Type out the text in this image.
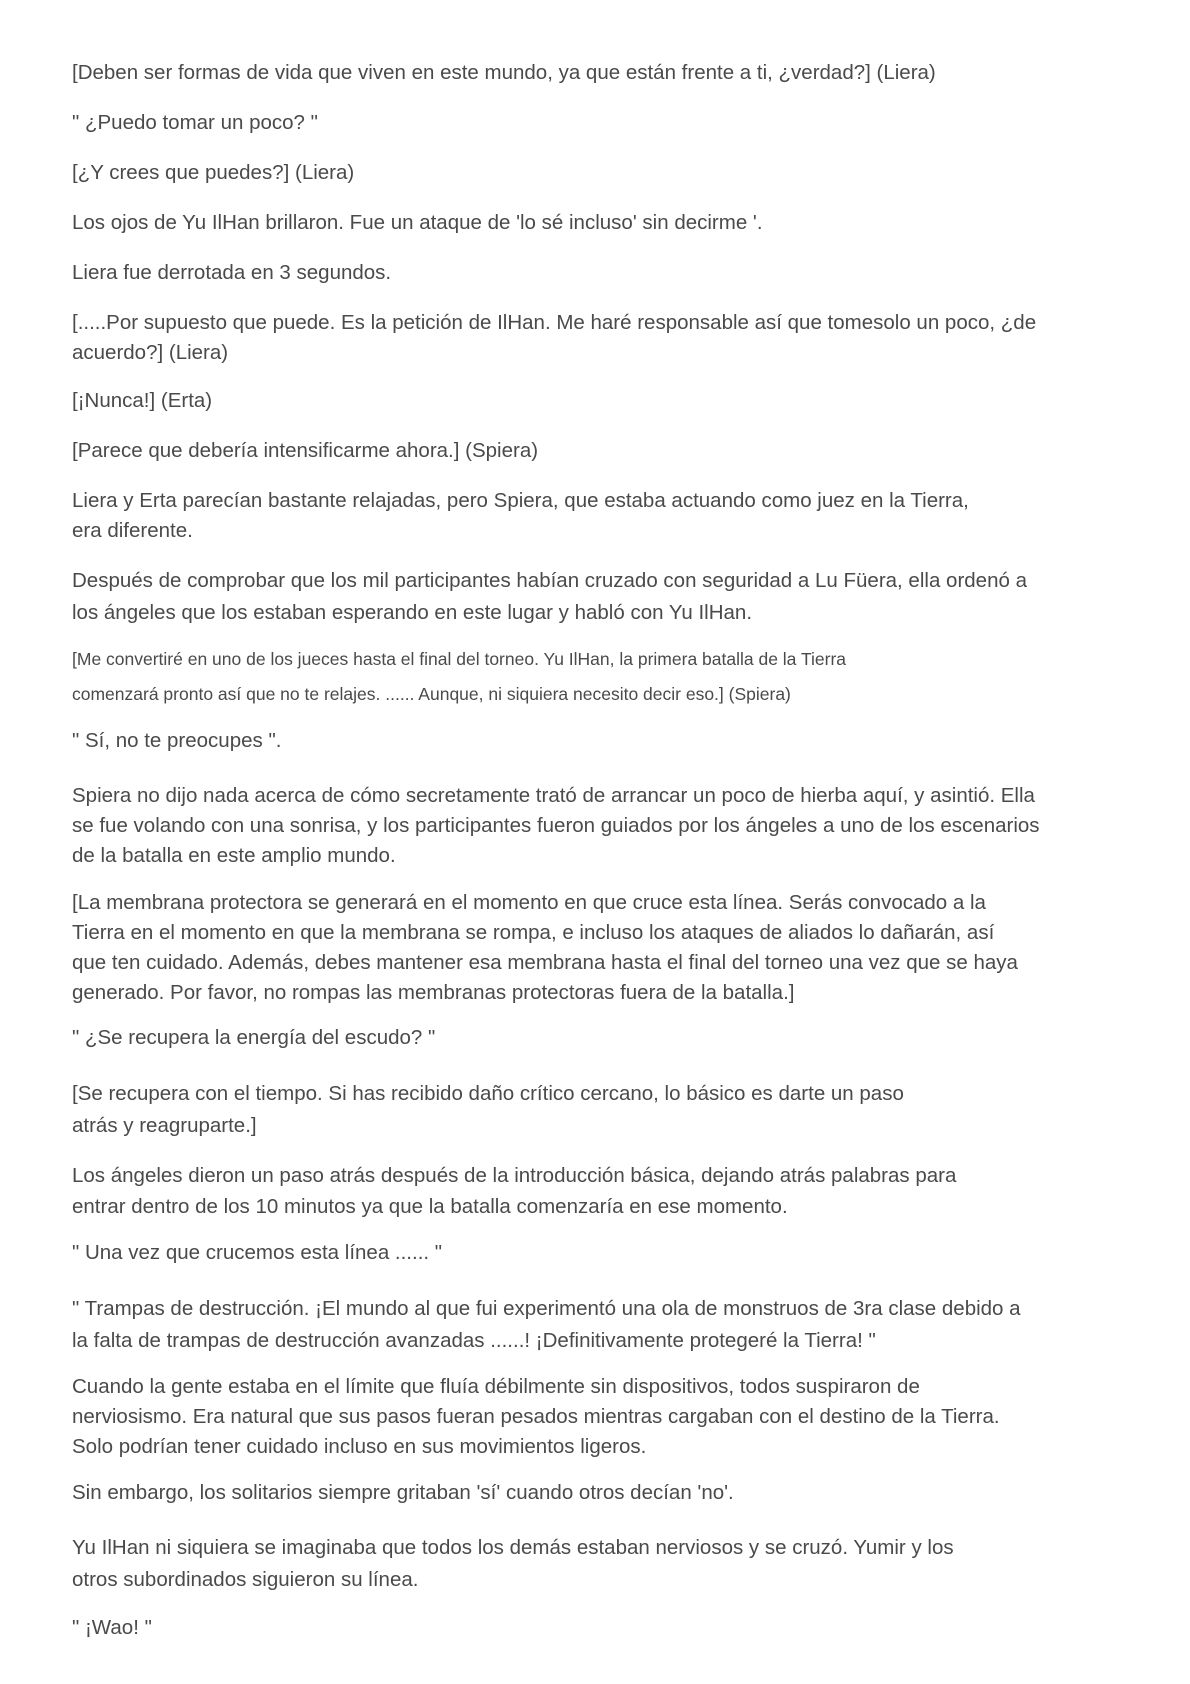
[Deben ser formas de vida que viven en este mundo, ya que están frente a ti, ¿verdad?] (Liera)

" ¿Puedo tomar un poco? "

[¿Y crees que puedes?] (Liera)

Los ojos de Yu IlHan brillaron. Fue un ataque de 'lo sé incluso' sin decirme '.

Liera fue derrotada en 3 segundos.

[.....Por supuesto que puede. Es la petición de IlHan. Me haré responsable así que tomesolo un poco, ¿de
acuerdo?] (Liera)

[¡Nunca!] (Erta)

[Parece que debería intensificarme ahora.] (Spiera)

Liera y Erta parecían bastante relajadas, pero Spiera, que estaba actuando como juez en la Tierra,
era diferente.

Después de comprobar que los mil participantes habían cruzado con seguridad a Lu Füera, ella ordenó a
los ángeles que los estaban esperando en este lugar y habló con Yu IlHan.

[Me convertiré en uno de los jueces hasta el final del torneo. Yu IlHan, la primera batalla de la Tierra
comenzará pronto así que no te relajes. ...... Aunque, ni siquiera necesito decir eso.] (Spiera)

" Sí, no te preocupes ".

Spiera no dijo nada acerca de cómo secretamente trató de arrancar un poco de hierba aquí, y asintió. Ella
se fue volando con una sonrisa, y los participantes fueron guiados por los ángeles a uno de los escenarios
de la batalla en este amplio mundo.

[La membrana protectora se generará en el momento en que cruce esta línea. Serás convocado a la
Tierra en el momento en que la membrana se rompa, e incluso los ataques de aliados lo dañarán, así
que ten cuidado. Además, debes mantener esa membrana hasta el final del torneo una vez que se haya
generado. Por favor, no rompas las membranas protectoras fuera de la batalla.]

" ¿Se recupera la energía del escudo? "

[Se recupera con el tiempo. Si has recibido daño crítico cercano, lo básico es darte un paso
atrás y reagruparte.]

Los ángeles dieron un paso atrás después de la introducción básica, dejando atrás palabras para
entrar dentro de los 10 minutos ya que la batalla comenzaría en ese momento.

" Una vez que crucemos esta línea ...... "

" Trampas de destrucción. ¡El mundo al que fui experimentó una ola de monstruos de 3ra clase debido a
la falta de trampas de destrucción avanzadas ......! ¡Definitivamente protegeré la Tierra! "

Cuando la gente estaba en el límite que fluía débilmente sin dispositivos, todos suspiraron de
nerviosismo. Era natural que sus pasos fueran pesados mientras cargaban con el destino de la Tierra.
Solo podrían tener cuidado incluso en sus movimientos ligeros.

Sin embargo, los solitarios siempre gritaban 'sí' cuando otros decían 'no'.

Yu IlHan ni siquiera se imaginaba que todos los demás estaban nerviosos y se cruzó. Yumir y los
otros subordinados siguieron su línea.

" ¡Wao! "
